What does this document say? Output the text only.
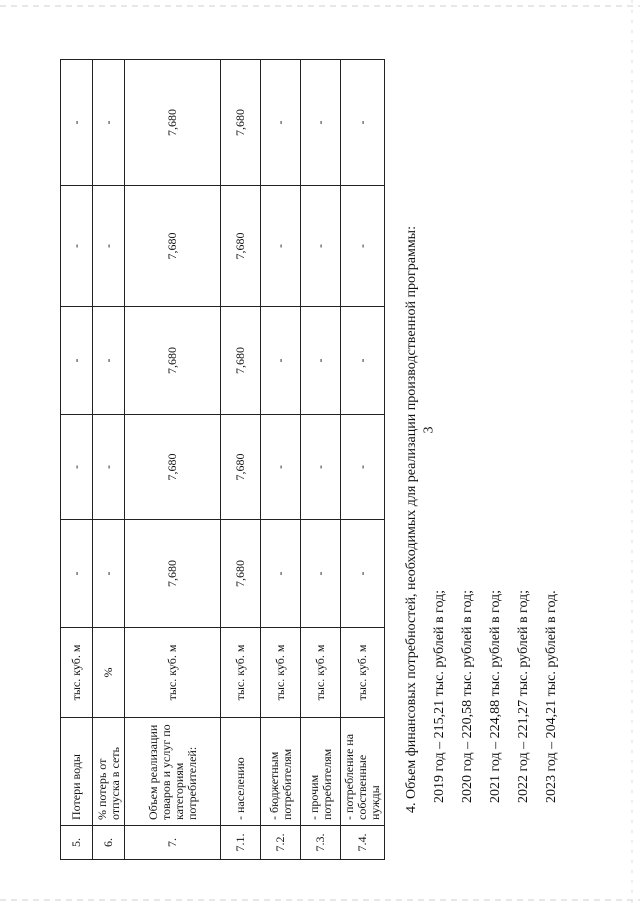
3
5.	Потери воды	тыс. куб. м	-	-	-	-	-
6.	% потерь от отпуска в сеть	%	-	-	-	-	-
7.	Объем реализации товаров и услуг по категориям потребителей:	тыс. куб. м	7,680	7,680	7,680	7,680	7,680
7.1.	- населению	тыс. куб. м	7,680	7,680	7,680	7,680	7,680
7.2.	- бюджетным потребителям	тыс. куб. м	-	-	-	-	-
7.3.	- прочим потребителям	тыс. куб. м	-	-	-	-	-
7.4.	- потребление на собственные нужды	тыс. куб. м	-	-	-	-	-

4. Объем финансовых потребностей, необходимых для реализации производственной программы: 2019 год – 215,21 тыс. рублей в год; 2020 год – 220,58 тыс. рублей в год; 2021 год – 224,88 тыс. рублей в год; 2022 год – 221,27 тыс. рублей в год; 2023 год – 204,21 тыс. рублей в год.
